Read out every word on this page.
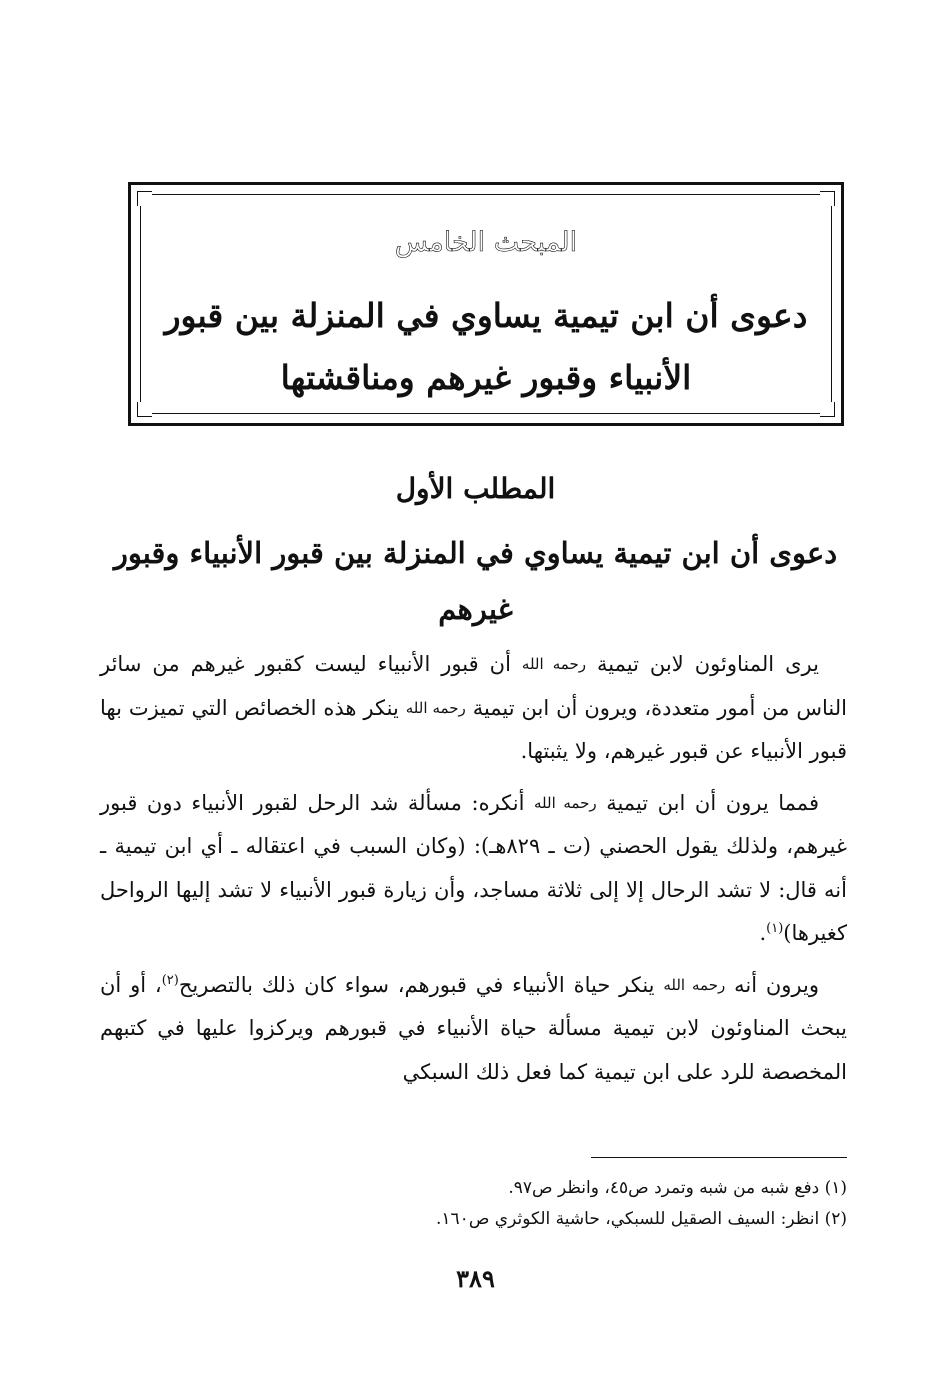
المبحث الخامس
دعوى أن ابن تيمية يساوي في المنزلة بين قبور الأنبياء وقبور غيرهم ومناقشتها
المطلب الأول
دعوى أن ابن تيمية يساوي في المنزلة بين قبور الأنبياء وقبور غيرهم

يرى المناوئون لابن تيمية رحمه الله أن قبور الأنبياء ليست كقبور غيرهم من سائر الناس من أمور متعددة، ويرون أن ابن تيمية رحمه الله ينكر هذه الخصائص التي تميزت بها قبور الأنبياء عن قبور غيرهم، ولا يثبتها.

فمما يرون أن ابن تيمية رحمه الله أنكره: مسألة شد الرحل لقبور الأنبياء دون قبور غيرهم، ولذلك يقول الحصني (ت ـ ٨٢٩هـ): (وكان السبب في اعتقاله ـ أي ابن تيمية ـ أنه قال: لا تشد الرحال إلا إلى ثلاثة مساجد، وأن زيارة قبور الأنبياء لا تشد إليها الرواحل كغيرها)$^{(١)}$.

ويرون أنه رحمه الله ينكر حياة الأنبياء في قبورهم، سواء كان ذلك بالتصريح$^{(٢)}$، أو أن يبحث المناوئون لابن تيمية مسألة حياة الأنبياء في قبورهم ويركزوا عليها في كتبهم المخصصة للرد على ابن تيمية كما فعل ذلك السبكي

(١) دفع شبه من شبه وتمرد ص٤٥، وانظر ص٩٧.
(٢) انظر: السيف الصقيل للسبكي، حاشية الكوثري ص١٦٠.
٣٨٩
